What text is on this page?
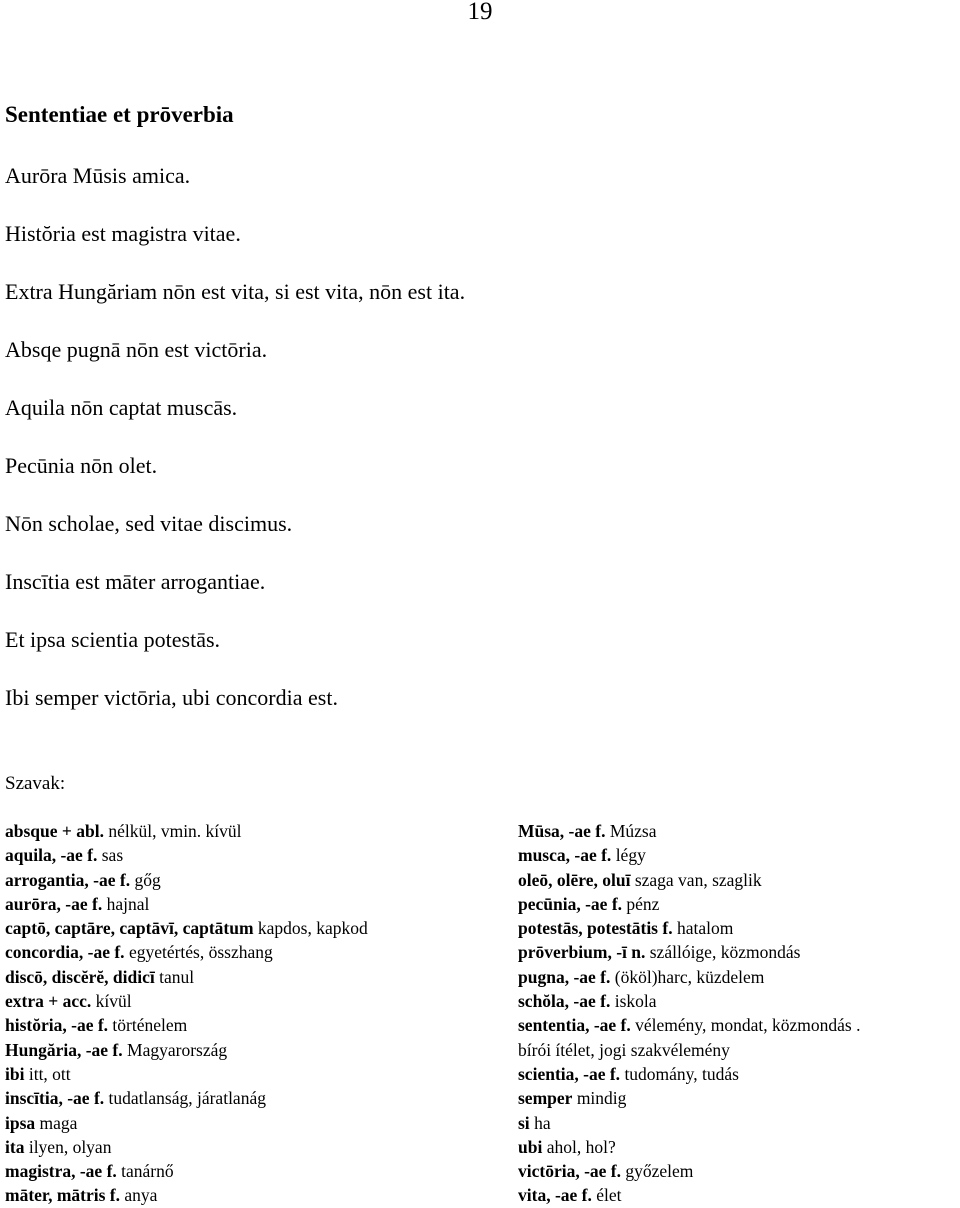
19
Sententiae et prōverbia
Aurōra Mūsis amica.
Histŏria est magistra vitae.
Extra Hungăriam nōn est vita, si est vita, nōn est ita.
Absqe pugnā nōn est victōria.
Aquila nōn captat muscās.
Pecūnia nōn olet.
Nōn scholae, sed vitae discimus.
Inscītia est māter arrogantiae.
Et ipsa scientia potestās.
Ibi semper victōria, ubi concordia est.
Szavak:
absque + abl. nélkül, vmin. kívül
aquila, -ae f. sas
arrogantia, -ae f. gőg
aurōra, -ae f. hajnal
captō, captāre, captāvī, captātum kapdos, kapkod
concordia, -ae f. egyetértés, összhang
discō, discĕrĕ, didicī tanul
extra + acc. kívül
histŏria, -ae f. történelem
Hungăria, -ae f. Magyarország
ibi itt, ott
inscītia, -ae f. tudatlanság, járatlanág
ipsa maga
ita ilyen, olyan
magistra, -ae f. tanárnő
māter, mātris f. anya
Mūsa, -ae f. Múzsa
musca, -ae f. légy
oleō, olēre, oluī szaga van, szaglik
pecūnia, -ae f. pénz
potestās, potestātis f. hatalom
prōverbium, -ī n. szállóige, közmondás
pugna, -ae f. (ököl)harc, küzdelem
schŏla, -ae f. iskola
sententia, -ae f. vélemény, mondat, közmondás .
bírói ítélet, jogi szakvélemény
scientia, -ae f. tudomány, tudás
semper mindig
si ha
ubi ahol, hol?
victōria, -ae f. győzelem
vita, -ae f. élet
